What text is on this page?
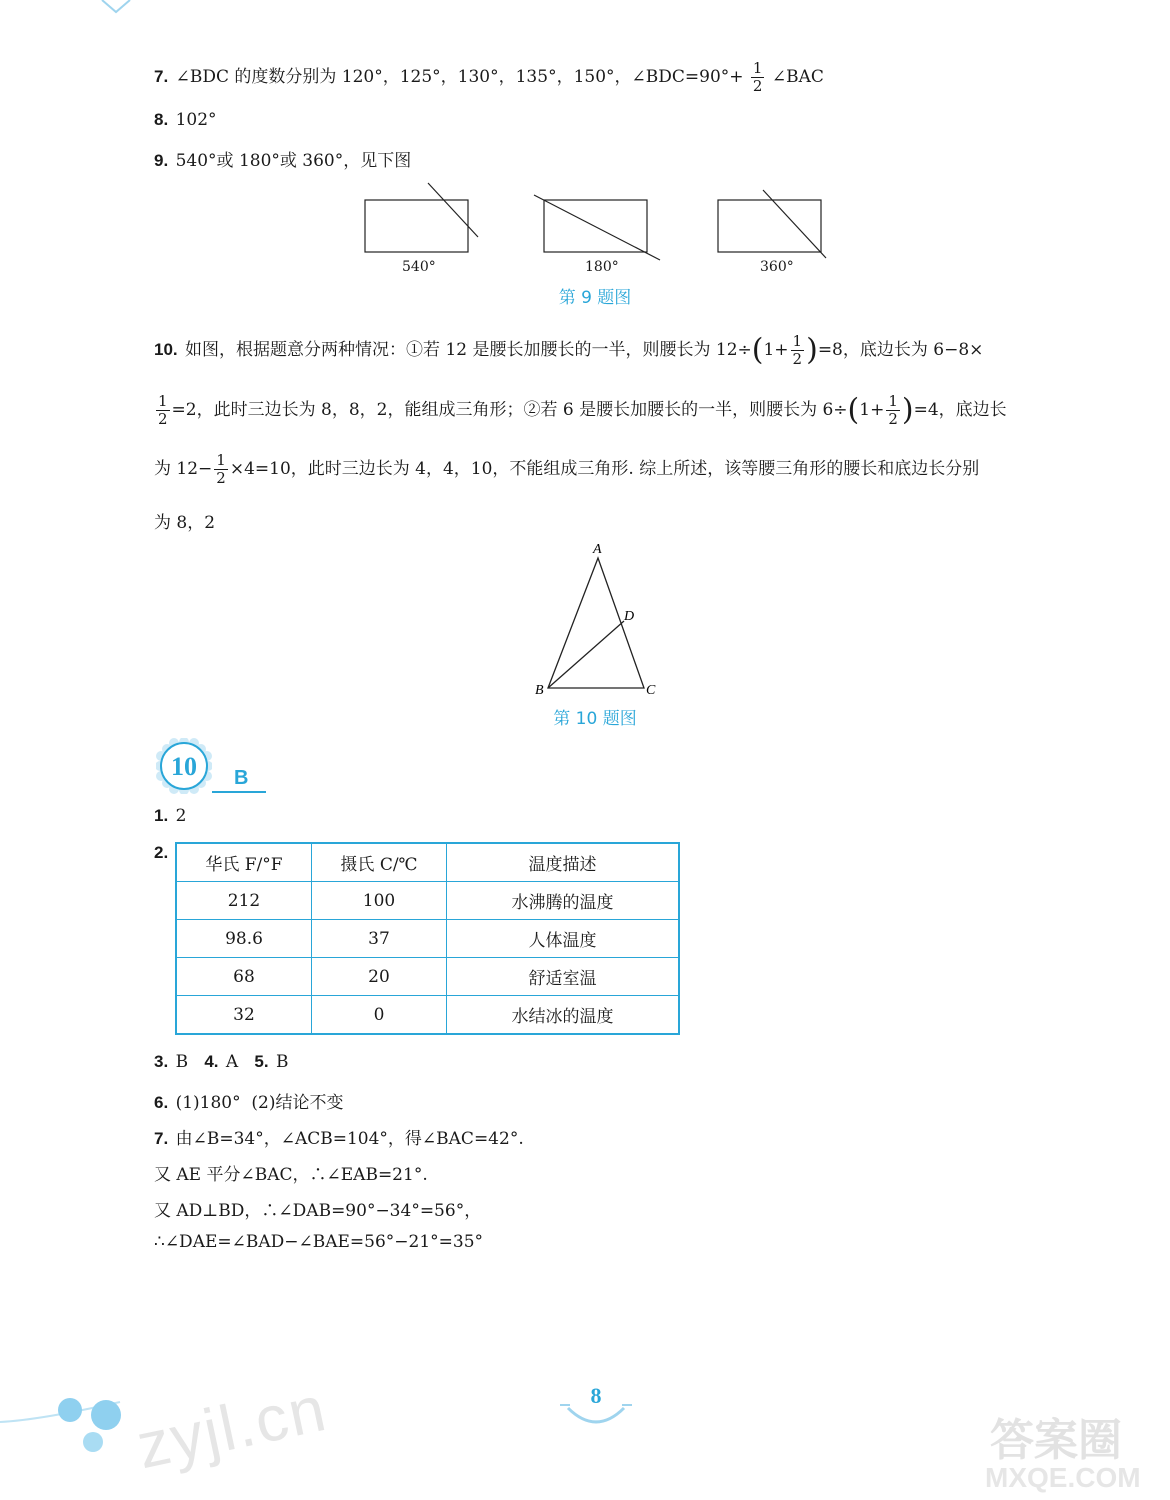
7. ∠BDC 的度数分别为 120°，125°，130°，135°，150°，∠BDC=90°+ $\frac{1}{2}$ ∠BAC
8. 102°
9. 540°或 180°或 360°，见下图
540°	180°	360°
第 9 题图
10. 如图，根据题意分两种情况：①若 12 是腰长加腰长的一半，则腰长为 $12\div(1+ \frac{1}{2} )=8$，底边长为 6−8×
$\frac{1}{2} =2$，此时三边长为 8，8，2，能组成三角形；②若 6 是腰长加腰长的一半，则腰长为 $6\div(1+ \frac{1}{2} )=4$，底边长
为 $12- \frac{1}{2} \times 4=10$，此时三边长为 4，4，10，不能组成三角形. 综上所述，该等腰三角形的腰长和底边长分别
为 8，2
A
B	C
D
第 10 题图
10 B
1. 2
2.
华氏 F/°F	摄氏 C/℃	温度描述
212	100	水沸腾的温度
98.6	37	人体温度
68	20	舒适室温
32	0	水结冰的温度
3. B 4. A 5. B
6. (1)180°  (2)结论不变
7. 由∠B=34°，∠ACB=104°，得∠BAC=42°.
又 AE 平分∠BAC，∴∠EAB=21°.
又 AD⊥BD，∴∠DAB=90°−34°=56°，
∴∠DAE=∠BAD−∠BAE=56°−21°=35°
zyjl.cn	8
答案圈
MXQE.COM
